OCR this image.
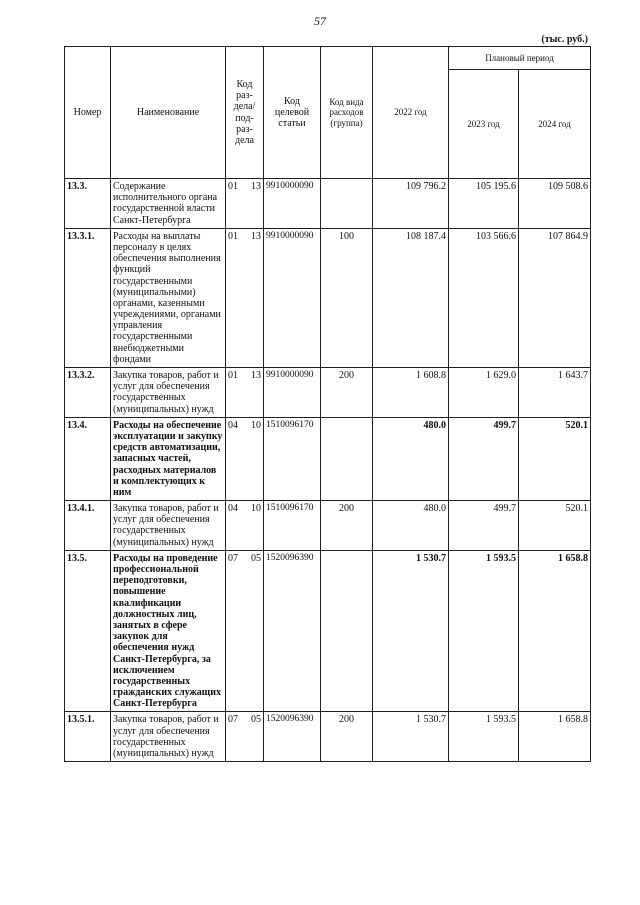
57
(тыс. руб.)
Номер	Наименование	Код раз-дела/ под-раз-дела	Код целевой статьи	Код вида расходов (группа)	2022 год	Плановый период	
						2023 год	2024 год
13.3.	Содержание исполнительного органа государственной власти Санкт-Петербурга	01 13	9910000090		109 796.2	105 195.6	109 508.6
13.3.1.	Расходы на выплаты персоналу в целях обеспечения выполнения функций государственными (муниципальными) органами, казенными учреждениями, органами управления государственными внебюджетными фондами	01 13	9910000090	100	108 187.4	103 566.6	107 864.9
13.3.2.	Закупка товаров, работ и услуг для обеспечения государственных (муниципальных) нужд	01 13	9910000090	200	1 608.8	1 629.0	1 643.7
13.4.	Расходы на обеспечение эксплуатации и закупку средств автоматизации, запасных частей, расходных материалов и комплектующих к ним	04 10	1510096170		480.0	499.7	520.1
13.4.1.	Закупка товаров, работ и услуг для обеспечения государственных (муниципальных) нужд	04 10	1510096170	200	480.0	499.7	520.1
13.5.	Расходы на проведение профессиональной переподготовки, повышение квалификации должностных лиц, занятых в сфере закупок для обеспечения нужд Санкт-Петербурга, за исключением государственных гражданских служащих Санкт-Петербурга	07 05	1520096390		1 530.7	1 593.5	1 658.8
13.5.1.	Закупка товаров, работ и услуг для обеспечения государственных (муниципальных) нужд	07 05	1520096390	200	1 530.7	1 593.5	1 658.8
